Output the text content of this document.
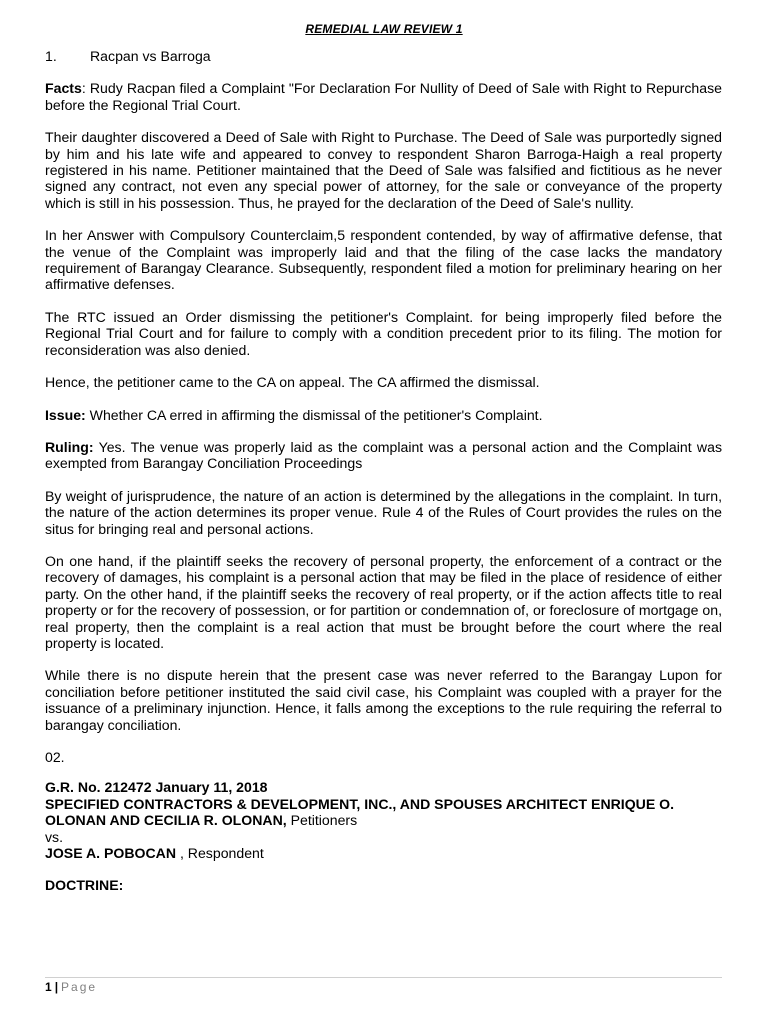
REMEDIAL LAW REVIEW 1
1. Racpan vs Barroga

Facts: Rudy Racpan filed a Complaint "For Declaration For Nullity of Deed of Sale with Right to Repurchase before the Regional Trial Court.

Their daughter discovered a Deed of Sale with Right to Purchase. The Deed of Sale was purportedly signed by him and his late wife and appeared to convey to respondent Sharon Barroga-Haigh a real property registered in his name. Petitioner maintained that the Deed of Sale was falsified and fictitious as he never signed any contract, not even any special power of attorney, for the sale or conveyance of the property which is still in his possession. Thus, he prayed for the declaration of the Deed of Sale's nullity.

In her Answer with Compulsory Counterclaim,5 respondent contended, by way of affirmative defense, that the venue of the Complaint was improperly laid and that the filing of the case lacks the mandatory requirement of Barangay Clearance. Subsequently, respondent filed a motion for preliminary hearing on her affirmative defenses.

The RTC issued an Order dismissing the petitioner's Complaint. for being improperly filed before the Regional Trial Court and for failure to comply with a condition precedent prior to its filing. The motion for reconsideration was also denied.

Hence, the petitioner came to the CA on appeal. The CA affirmed the dismissal.

Issue: Whether CA erred in affirming the dismissal of the petitioner's Complaint.

Ruling: Yes. The venue was properly laid as the complaint was a personal action and the Complaint was exempted from Barangay Conciliation Proceedings

By weight of jurisprudence, the nature of an action is determined by the allegations in the complaint. In turn, the nature of the action determines its proper venue. Rule 4 of the Rules of Court provides the rules on the situs for bringing real and personal actions.

On one hand, if the plaintiff seeks the recovery of personal property, the enforcement of a contract or the recovery of damages, his complaint is a personal action that may be filed in the place of residence of either party. On the other hand, if the plaintiff seeks the recovery of real property, or if the action affects title to real property or for the recovery of possession, or for partition or condemnation of, or foreclosure of mortgage on, real property, then the complaint is a real action that must be brought before the court where the real property is located.

While there is no dispute herein that the present case was never referred to the Barangay Lupon for conciliation before petitioner instituted the said civil case, his Complaint was coupled with a prayer for the issuance of a preliminary injunction. Hence, it falls among the exceptions to the rule requiring the referral to barangay conciliation.

02.

G.R. No. 212472 January 11, 2018

SPECIFIED CONTRACTORS & DEVELOPMENT, INC., AND SPOUSES ARCHITECT ENRIQUE O. OLONAN AND CECILIA R. OLONAN, Petitioners

vs.

JOSE A. POBOCAN , Respondent

DOCTRINE:

1 | Page
